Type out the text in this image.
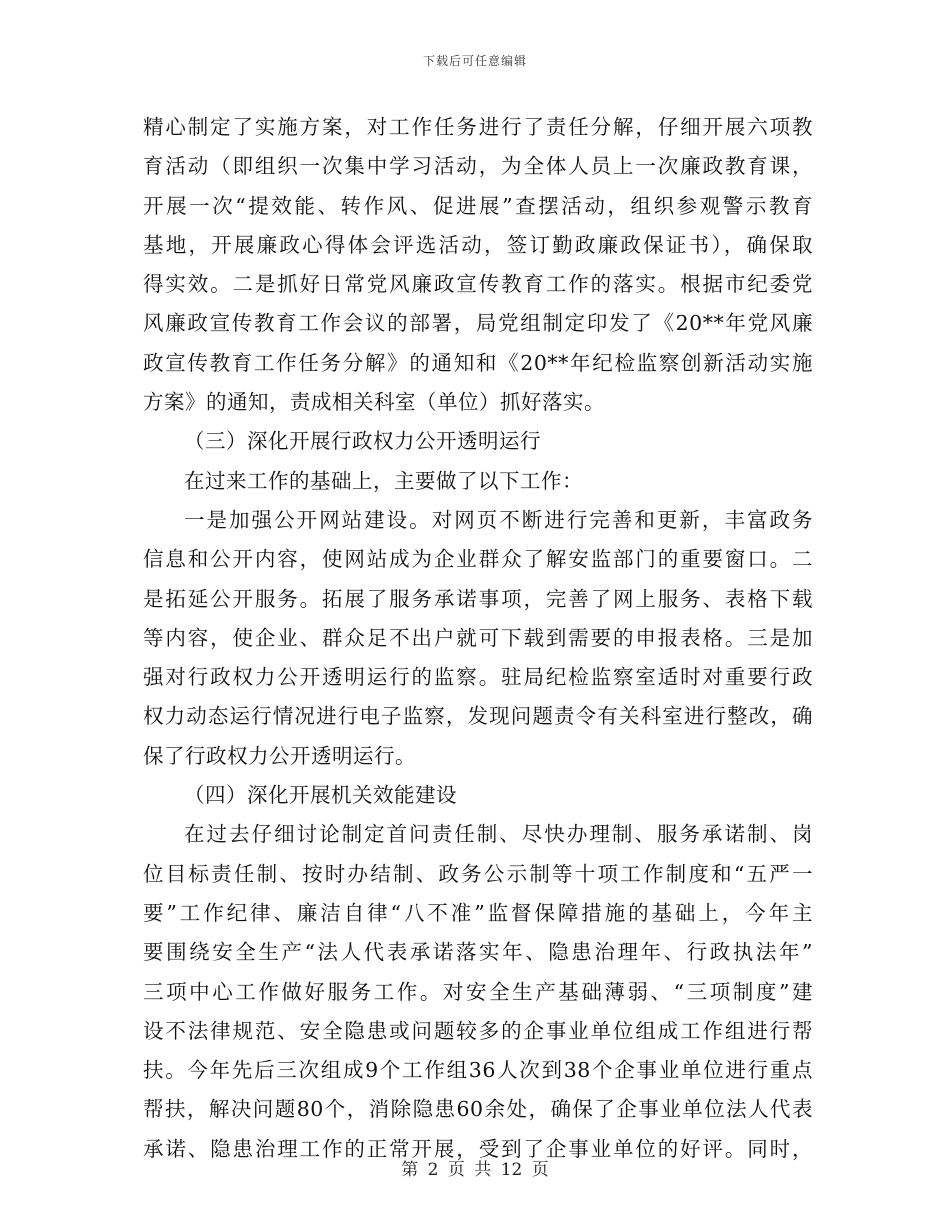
下载后可任意编辑
精心制定了实施方案，对工作任务进行了责任分解，仔细开展六项教
育活动（即组织一次集中学习活动，为全体人员上一次廉政教育课，
开展一次“提效能、转作风、促进展”查摆活动，组织参观警示教育
基地，开展廉政心得体会评选活动，签订勤政廉政保证书），确保取
得实效。二是抓好日常党风廉政宣传教育工作的落实。根据市纪委党
风廉政宣传教育工作会议的部署，局党组制定印发了《20**年党风廉
政宣传教育工作任务分解》的通知和《20**年纪检监察创新活动实施
方案》的通知，责成相关科室（单位）抓好落实。
（三）深化开展行政权力公开透明运行
在过来工作的基础上，主要做了以下工作：
一是加强公开网站建设。对网页不断进行完善和更新，丰富政务
信息和公开内容，使网站成为企业群众了解安监部门的重要窗口。二
是拓延公开服务。拓展了服务承诺事项，完善了网上服务、表格下载
等内容，使企业、群众足不出户就可下载到需要的申报表格。三是加
强对行政权力公开透明运行的监察。驻局纪检监察室适时对重要行政
权力动态运行情况进行电子监察，发现问题责令有关科室进行整改，确
保了行政权力公开透明运行。
（四）深化开展机关效能建设
在过去仔细讨论制定首问责任制、尽快办理制、服务承诺制、岗
位目标责任制、按时办结制、政务公示制等十项工作制度和“五严一
要”工作纪律、廉洁自律“八不准”监督保障措施的基础上，今年主
要围绕安全生产“法人代表承诺落实年、隐患治理年、行政执法年”
三项中心工作做好服务工作。对安全生产基础薄弱、“三项制度”建
设不法律规范、安全隐患或问题较多的企事业单位组成工作组进行帮
扶。今年先后三次组成9个工作组36人次到38个企事业单位进行重点
帮扶，解决问题80个，消除隐患60余处，确保了企事业单位法人代表
承诺、隐患治理工作的正常开展，受到了企事业单位的好评。同时，
第 2 页 共 12 页
